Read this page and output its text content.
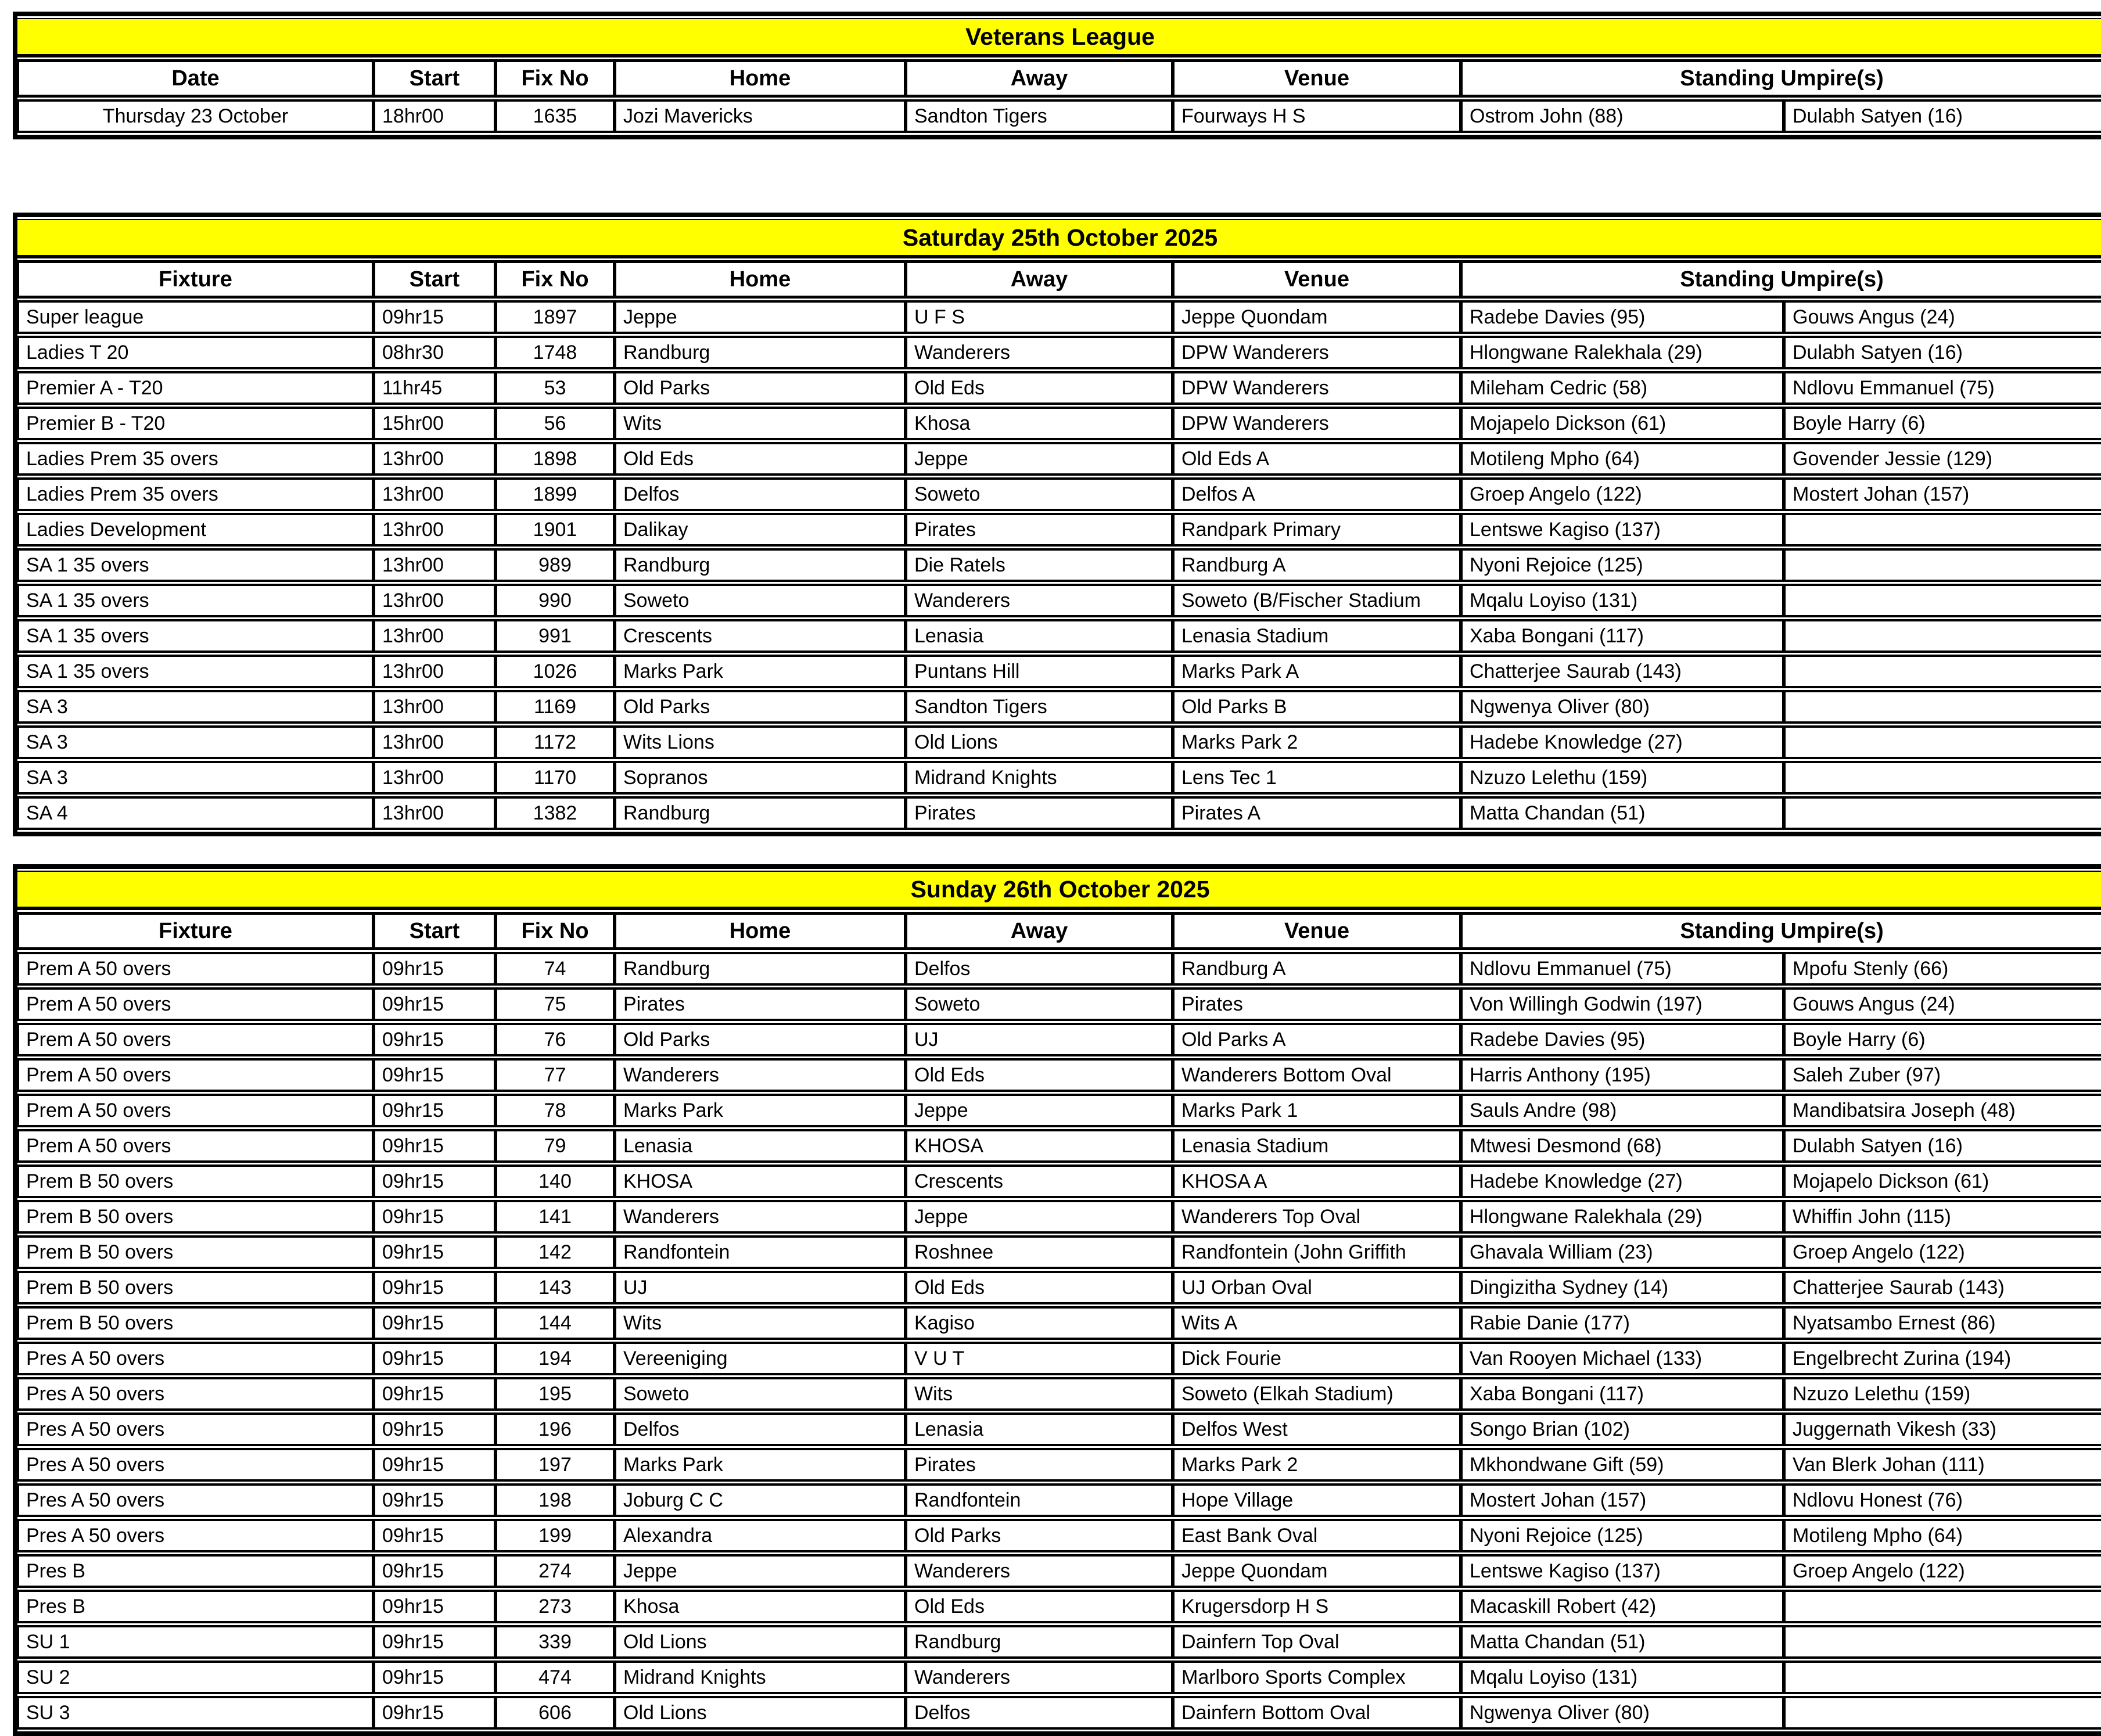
Veterans League							
Date	Start	Fix No	Home	Away	Venue	Standing Umpire(s)	
Thursday 23 October	18hr00	1635	Jozi Mavericks	Sandton Tigers	Fourways H S	Ostrom John (88)	Dulabh Satyen (16)
Saturday 25th October 2025							
Fixture	Start	Fix No	Home	Away	Venue	Standing Umpire(s)	
Super league	09hr15	1897	Jeppe	U F S	Jeppe Quondam	Radebe Davies (95)	Gouws Angus (24)
Ladies T 20	08hr30	1748	Randburg	Wanderers	DPW Wanderers	Hlongwane Ralekhala (29)	Dulabh Satyen (16)
Premier A - T20	11hr45	53	Old Parks	Old Eds	DPW Wanderers	Mileham Cedric (58)	Ndlovu Emmanuel (75)
Premier B - T20	15hr00	56	Wits	Khosa	DPW Wanderers	Mojapelo Dickson (61)	Boyle Harry (6)
Ladies Prem 35 overs	13hr00	1898	Old Eds	Jeppe	Old Eds A	Motileng Mpho (64)	Govender Jessie (129)
Ladies Prem 35 overs	13hr00	1899	Delfos	Soweto	Delfos A	Groep Angelo (122)	Mostert Johan (157)
Ladies Development	13hr00	1901	Dalikay	Pirates	Randpark Primary	Lentswe Kagiso (137)	
SA 1 35 overs	13hr00	989	Randburg	Die Ratels	Randburg A	Nyoni Rejoice (125)	
SA 1 35 overs	13hr00	990	Soweto	Wanderers	Soweto (B/Fischer Stadium	Mqalu Loyiso (131)	
SA 1 35 overs	13hr00	991	Crescents	Lenasia	Lenasia Stadium	Xaba Bongani (117)	
SA 1 35 overs	13hr00	1026	Marks Park	Puntans Hill	Marks Park A	Chatterjee Saurab (143)	
SA 3	13hr00	1169	Old Parks	Sandton Tigers	Old Parks B	Ngwenya Oliver (80)	
SA 3	13hr00	1172	Wits Lions	Old Lions	Marks Park 2	Hadebe Knowledge (27)	
SA 3	13hr00	1170	Sopranos	Midrand Knights	Lens Tec 1	Nzuzo Lelethu (159)	
SA 4	13hr00	1382	Randburg	Pirates	Pirates A	Matta Chandan (51)	
Sunday 26th October 2025							
Fixture	Start	Fix No	Home	Away	Venue	Standing Umpire(s)	
Prem A 50 overs	09hr15	74	Randburg	Delfos	Randburg A	Ndlovu Emmanuel (75)	Mpofu Stenly (66)
Prem A 50 overs	09hr15	75	Pirates	Soweto	Pirates	Von Willingh Godwin (197)	Gouws Angus (24)
Prem A 50 overs	09hr15	76	Old Parks	UJ	Old Parks A	Radebe Davies (95)	Boyle Harry (6)
Prem A 50 overs	09hr15	77	Wanderers	Old Eds	Wanderers Bottom Oval	Harris Anthony (195)	Saleh Zuber (97)
Prem A 50 overs	09hr15	78	Marks Park	Jeppe	Marks Park 1	Sauls Andre (98)	Mandibatsira Joseph (48)
Prem A 50 overs	09hr15	79	Lenasia	KHOSA	Lenasia Stadium	Mtwesi Desmond (68)	Dulabh Satyen (16)
Prem B 50 overs	09hr15	140	KHOSA	Crescents	KHOSA A	Hadebe Knowledge (27)	Mojapelo Dickson (61)
Prem B 50 overs	09hr15	141	Wanderers	Jeppe	Wanderers Top Oval	Hlongwane Ralekhala (29)	Whiffin John (115)
Prem B 50 overs	09hr15	142	Randfontein	Roshnee	Randfontein (John Griffith	Ghavala William (23)	Groep Angelo (122)
Prem B 50 overs	09hr15	143	UJ	Old Eds	UJ Orban Oval	Dingizitha Sydney (14)	Chatterjee Saurab (143)
Prem B 50 overs	09hr15	144	Wits	Kagiso	Wits A	Rabie Danie (177)	Nyatsambo Ernest (86)
Pres A 50 overs	09hr15	194	Vereeniging	V U T	Dick Fourie	Van Rooyen Michael (133)	Engelbrecht Zurina (194)
Pres A 50 overs	09hr15	195	Soweto	Wits	Soweto (Elkah Stadium)	Xaba Bongani (117)	Nzuzo Lelethu (159)
Pres A 50 overs	09hr15	196	Delfos	Lenasia	Delfos West	Songo Brian (102)	Juggernath Vikesh (33)
Pres A 50 overs	09hr15	197	Marks Park	Pirates	Marks Park 2	Mkhondwane Gift (59)	Van Blerk Johan (111)
Pres A 50 overs	09hr15	198	Joburg C C	Randfontein	Hope Village	Mostert Johan (157)	Ndlovu Honest (76)
Pres A 50 overs	09hr15	199	Alexandra	Old Parks	East Bank Oval	Nyoni Rejoice (125)	Motileng Mpho (64)
Pres B	09hr15	274	Jeppe	Wanderers	Jeppe Quondam	Lentswe Kagiso (137)	Groep Angelo (122)
Pres B	09hr15	273	Khosa	Old Eds	Krugersdorp H S	Macaskill Robert (42)	
SU 1	09hr15	339	Old Lions	Randburg	Dainfern Top Oval	Matta Chandan (51)	
SU 2	09hr15	474	Midrand Knights	Wanderers	Marlboro Sports Complex	Mqalu Loyiso (131)	
SU 3	09hr15	606	Old Lions	Delfos	Dainfern Bottom Oval	Ngwenya Oliver (80)	
